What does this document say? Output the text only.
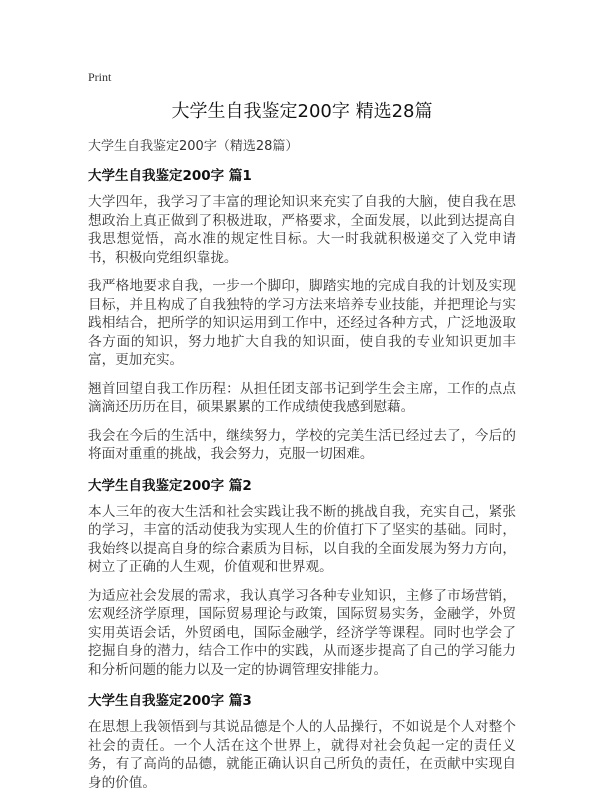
Print
大学生自我鉴定200字 精选28篇
大学生自我鉴定200字（精选28篇）
大学生自我鉴定200字 篇1

大学四年，我学习了丰富的理论知识来充实了自我的大脑，使自我在思想政治上真正做到了积极进取，严格要求，全面发展，以此到达提高自我思想觉悟，高水准的规定性目标。大一时我就积极递交了入党申请书，积极向党组织靠拢。

我严格地要求自我，一步一个脚印，脚踏实地的完成自我的计划及实现目标，并且构成了自我独特的学习方法来培养专业技能，并把理论与实践相结合，把所学的知识运用到工作中，还经过各种方式，广泛地汲取各方面的知识，努力地扩大自我的知识面，使自我的专业知识更加丰富，更加充实。

翘首回望自我工作历程：从担任团支部书记到学生会主席，工作的点点滴滴还历历在目，硕果累累的工作成绩使我感到慰藉。

我会在今后的生活中，继续努力，学校的完美生活已经过去了，今后的将面对重重的挑战，我会努力，克服一切困难。

大学生自我鉴定200字 篇2

本人三年的夜大生活和社会实践让我不断的挑战自我，充实自己，紧张的学习，丰富的活动使我为实现人生的价值打下了坚实的基础。同时，我始终以提高自身的综合素质为目标，以自我的全面发展为努力方向，树立了正确的人生观，价值观和世界观。

为适应社会发展的需求，我认真学习各种专业知识，主修了市场营销，宏观经济学原理，国际贸易理论与政策，国际贸易实务，金融学，外贸实用英语会话，外贸函电，国际金融学，经济学等课程。同时也学会了挖掘自身的潜力，结合工作中的实践，从而逐步提高了自己的学习能力和分析问题的能力以及一定的协调管理安排能力。

大学生自我鉴定200字 篇3

在思想上我领悟到与其说品德是个人的人品操行，不如说是个人对整个社会的责任。一个人活在这个世界上，就得对社会负起一定的责任义务，有了高尚的品德，就能正确认识自己所负的责任，在贡献中实现自身的价值。
